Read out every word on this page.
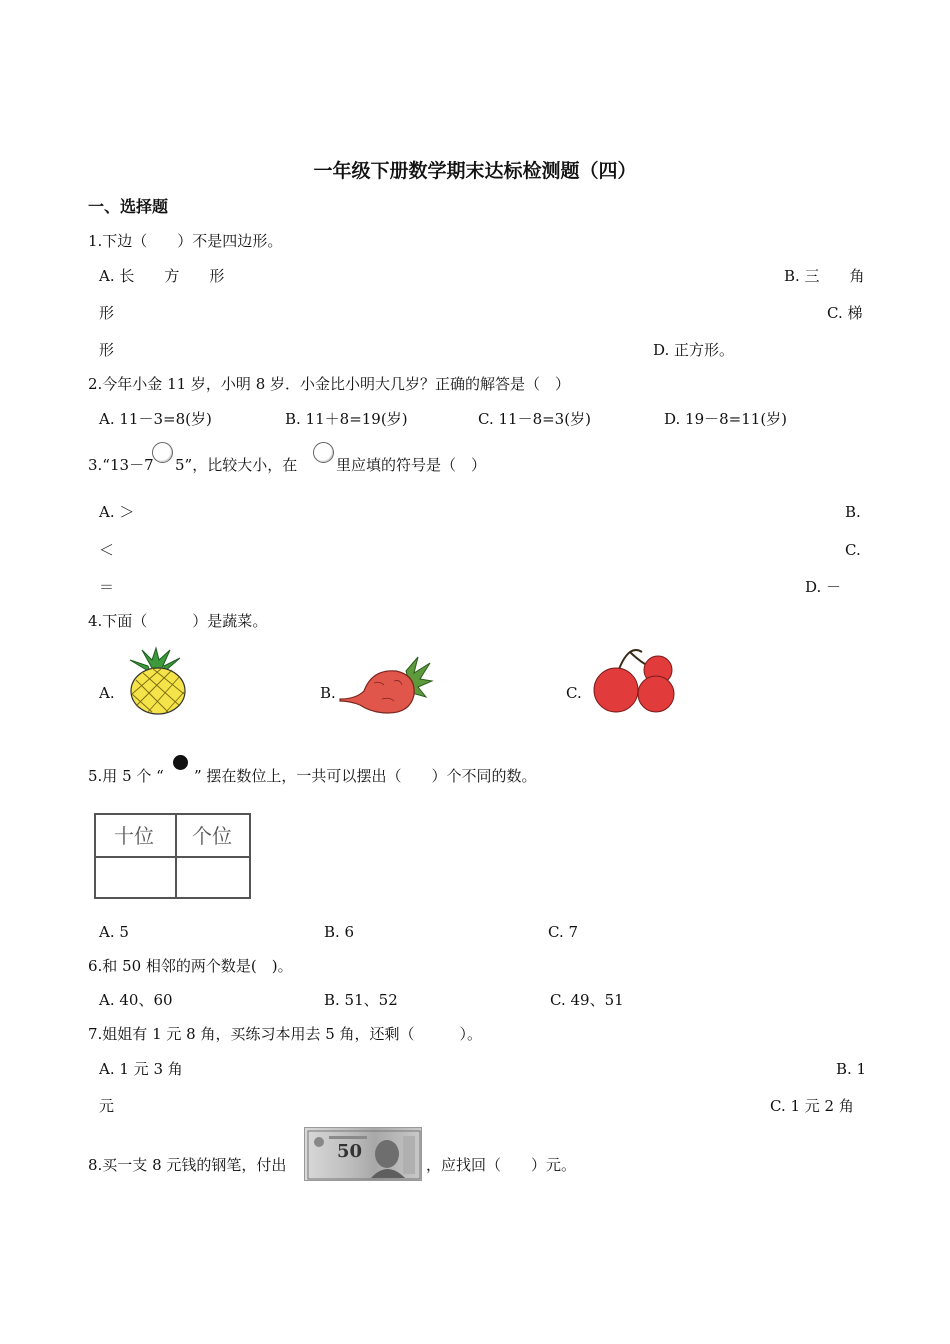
一年级下册数学期末达标检测题（四）
一、选择题
1.下边（　　）不是四边形。
A. 长　　方　　形	B. 三　　角
形	C. 梯
形	D. 正方形。
2.今年小金 11 岁，小明 8 岁．小金比小明大几岁？正确的解答是（　）
A. 11－3=8(岁)	B. 11＋8=19(岁)	C. 11－8=3(岁)	D. 19－8=11(岁)
3.“13－7 5”，比较大小，在	里应填的符号是（　）
A. ＞	B.
＜	C.
＝	D. －
4.下面（　　　）是蔬菜。
A.	B.	C.
5.用 5 个 “ ” 摆在数位上，一共可以摆出（　　）个不同的数。
十位 个位
A. 5	B. 6	C. 7
6.和 50 相邻的两个数是(　)。
A. 40、60	B. 51、52	C. 49、51
7.姐姐有 1 元 8 角，买练习本用去 5 角，还剩（　　　）。
A. 1 元 3 角	B. 1
元	C. 1 元 2 角
8.买一支 8 元钱的钢笔，付出
50
，应找回（　　）元。
